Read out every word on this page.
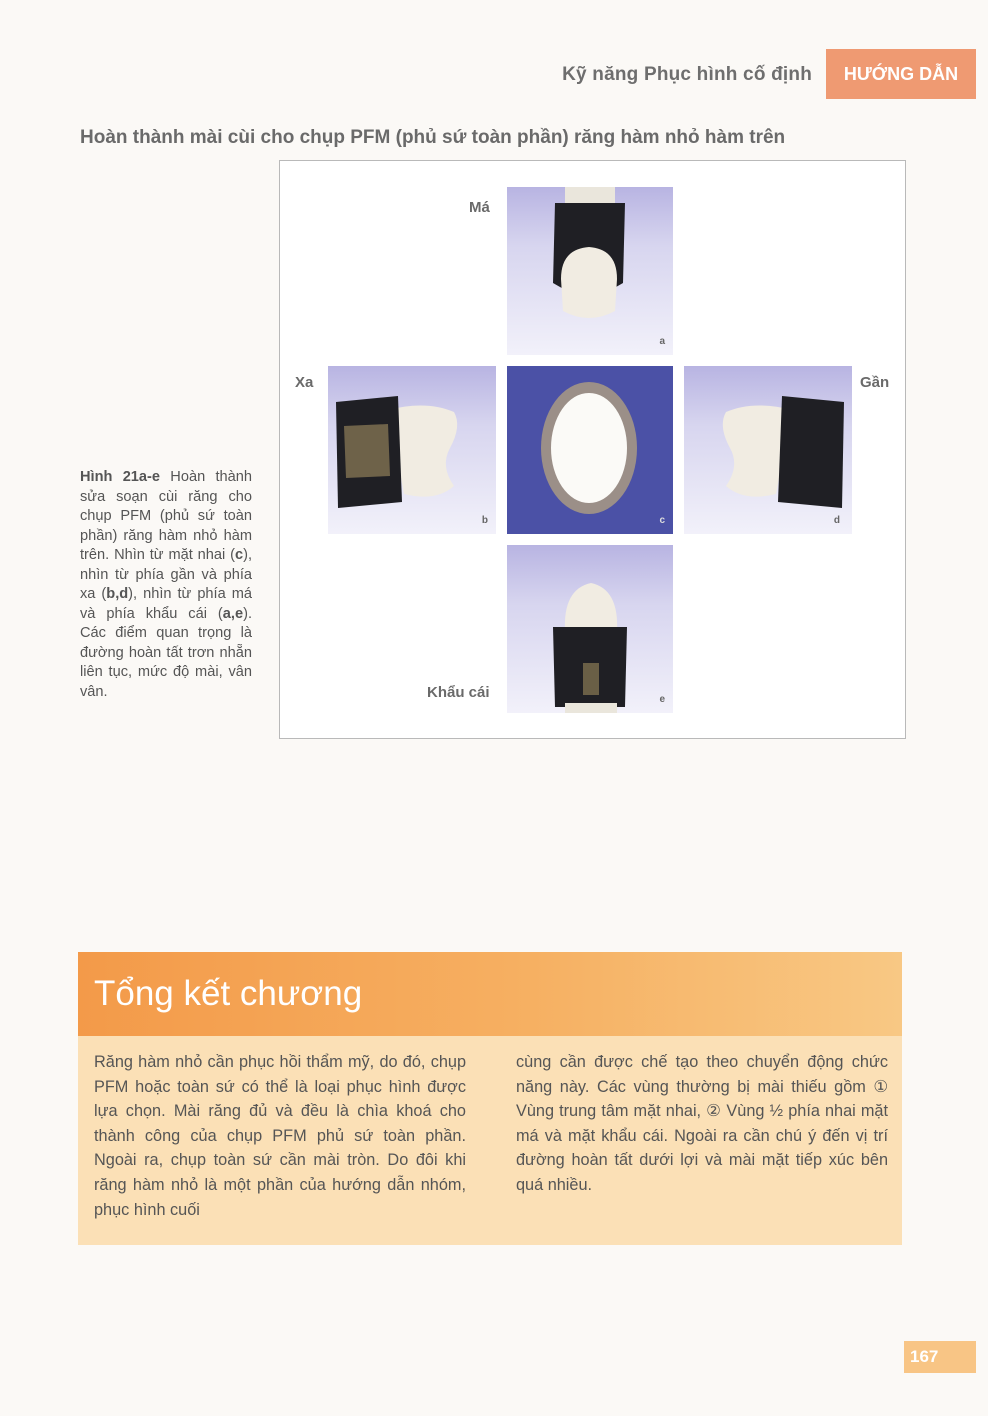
Kỹ năng Phục hình cố định	HƯỚNG DẪN
Hoàn thành mài cùi cho chụp PFM (phủ sứ toàn phần) răng hàm nhỏ hàm trên
a
b	c	d
e
Má
Xa	Gần
Khẩu cái
Hình 21a-e Hoàn thành sửa soạn cùi răng cho chụp PFM (phủ sứ toàn phần) răng hàm nhỏ hàm trên. Nhìn từ mặt nhai (c), nhìn từ phía gần và phía xa (b,d), nhìn từ phía má và phía khẩu cái (a,e). Các điểm quan trọng là đường hoàn tất trơn nhẵn liên tục, mức độ mài, vân vân.
Tổng kết chương

Răng hàm nhỏ cần phục hồi thẩm mỹ, do đó, chụp PFM hoặc toàn sứ có thể là loại phục hình được lựa chọn. Mài răng đủ và đều là chìa khoá cho thành công của chụp PFM phủ sứ toàn phần. Ngoài ra, chụp toàn sứ cần mài tròn. Do đôi khi răng hàm nhỏ là một phần của hướng dẫn nhóm, phục hình cuối

cùng cần được chế tạo theo chuyển động chức năng này. Các vùng thường bị mài thiếu gồm ① Vùng trung tâm mặt nhai, ② Vùng ½ phía nhai mặt má và mặt khẩu cái. Ngoài ra cần chú ý đến vị trí đường hoàn tất dưới lợi và mài mặt tiếp xúc bên quá nhiều.

167
